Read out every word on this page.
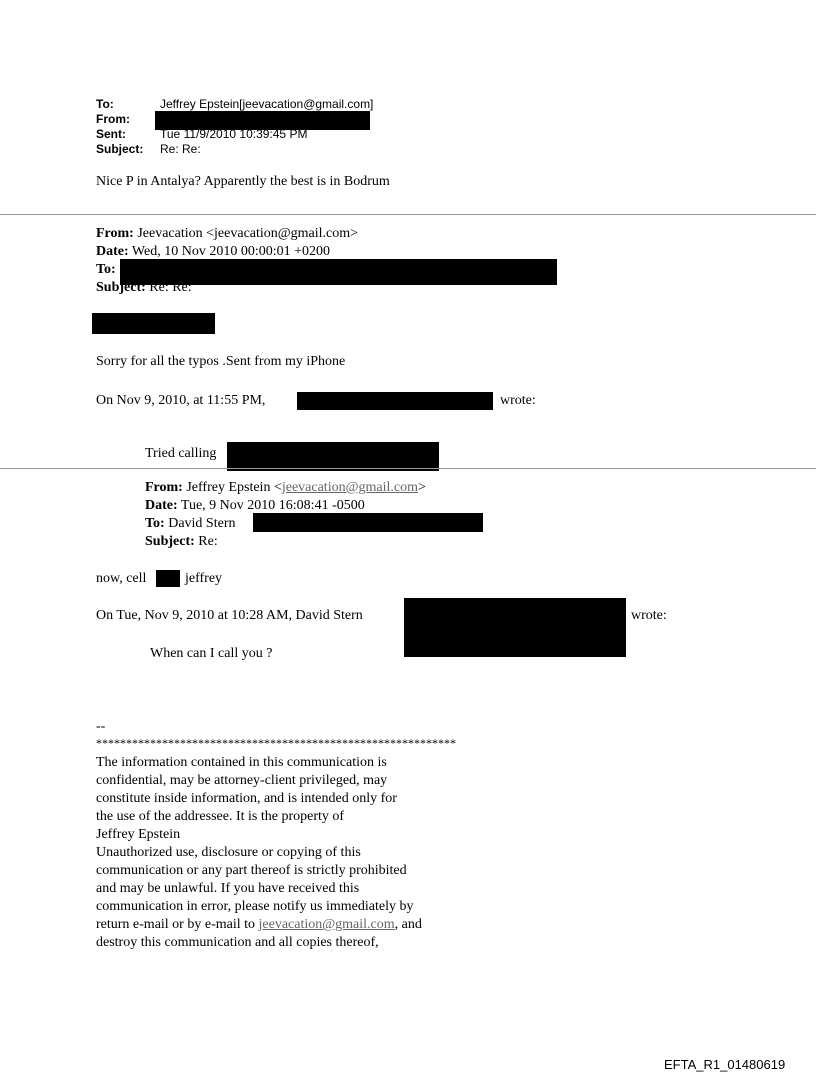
To:	Jeffrey Epstein[jeevacation@gmail.com]
From:
Sent:	Tue 11/9/2010 10:39:45 PM
Subject: Re: Re:
Nice P in Antalya? Apparently the best is in Bodrum
From: Jeevacation <jeevacation@gmail.com>
Date: Wed, 10 Nov 2010 00:00:01 +0200
To:
Subject: Re: Re:
Sorry for all the typos .Sent from my iPhone
On Nov 9, 2010, at 11:55 PM,	wrote:
Tried calling
From: Jeffrey Epstein <jeevacation@gmail.com>
Date: Tue, 9 Nov 2010 16:08:41 -0500
To: David Stern
Subject: Re:
now, cell	jeffrey
On Tue, Nov 9, 2010 at 10:28 AM, David Stern	wrote:
When can I call you ?
--
************************************************************
The information contained in this communication is
confidential, may be attorney-client privileged, may
constitute inside information, and is intended only for
the use of the addressee. It is the property of
Jeffrey Epstein
Unauthorized use, disclosure or copying of this
communication or any part thereof is strictly prohibited
and may be unlawful. If you have received this
communication in error, please notify us immediately by
return e-mail or by e-mail to jeevacation@gmail.com, and
destroy this communication and all copies thereof,
EFTA_R1_01480619
